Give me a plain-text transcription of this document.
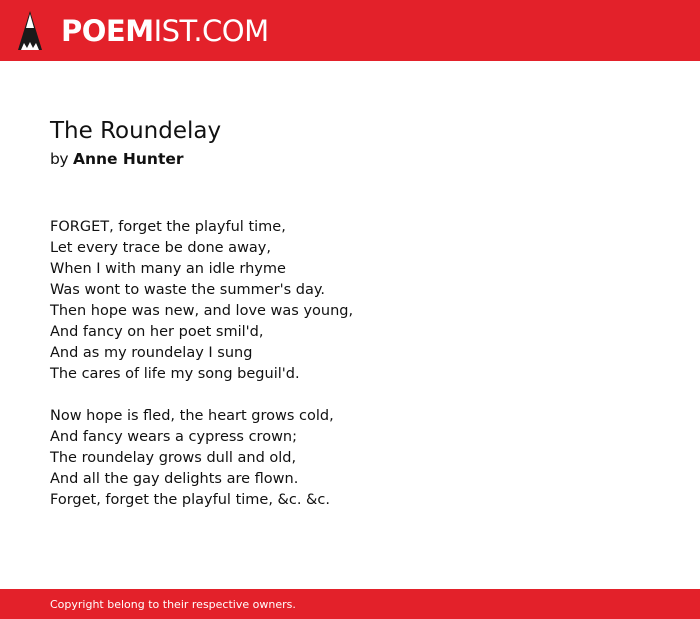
POEMIST.COM
The Roundelay
by Anne Hunter
FORGET, forget the playful time,
Let every trace be done away,
When I with many an idle rhyme
Was wont to waste the summer's day.
Then hope was new, and love was young,
And fancy on her poet smil'd,
And as my roundelay I sung
The cares of life my song beguil'd.
Now hope is fled, the heart grows cold,
And fancy wears a cypress crown;
The roundelay grows dull and old,
And all the gay delights are flown.
Forget, forget the playful time, &c. &c.
Copyright belong to their respective owners.
